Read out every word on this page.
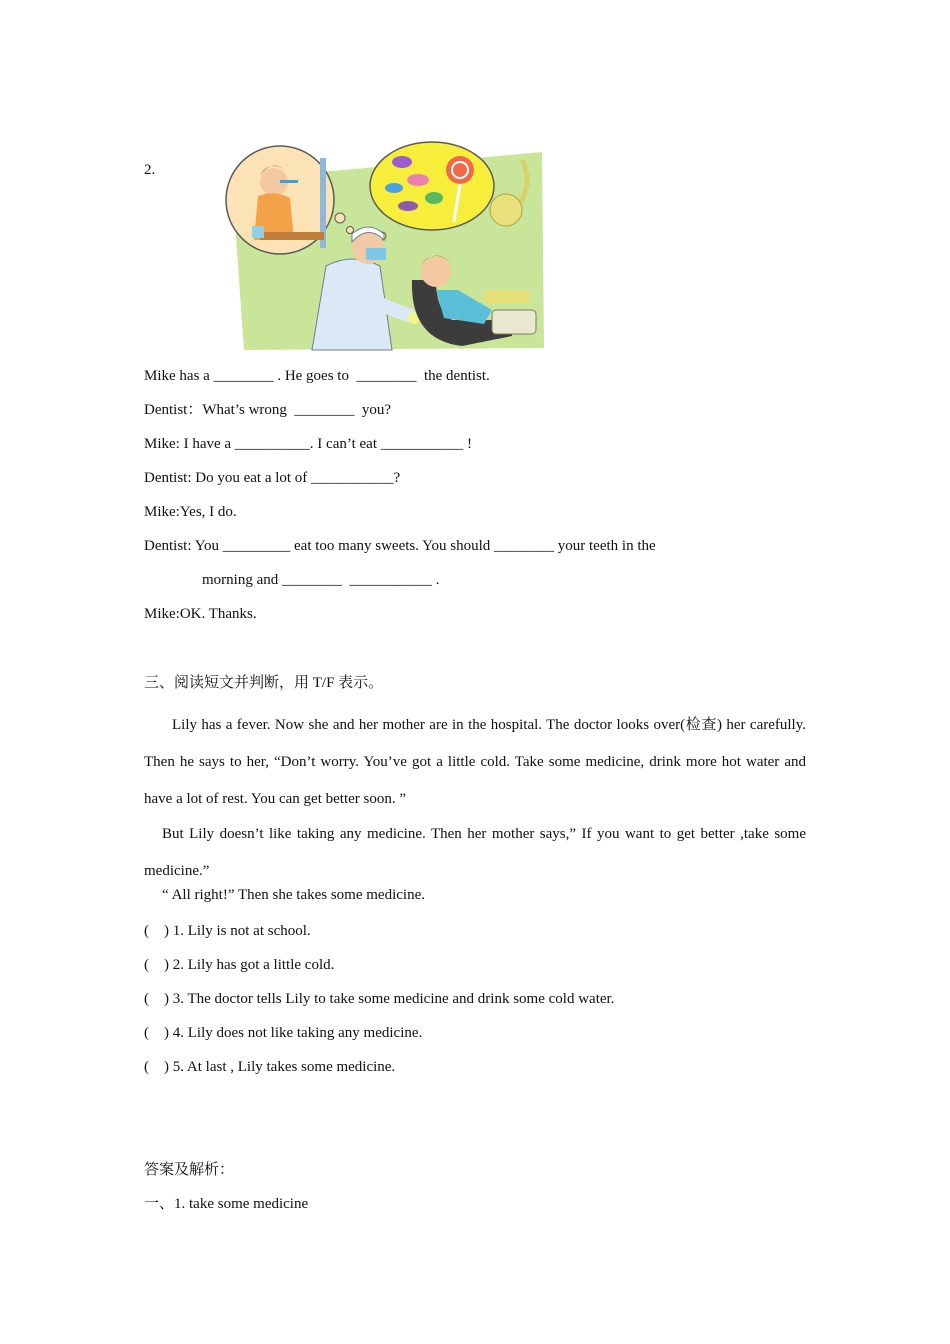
2.
Mike has a ________ . He goes to  ________  the dentist.
Dentist：What’s wrong  ________  you?
Mike: I have a __________. I can’t eat ___________ !
Dentist: Do you eat a lot of ___________?
Mike:Yes, I do.
Dentist: You _________ eat too many sweets. You should ________ your teeth in the
morning and ________  ___________ .
Mike:OK. Thanks.
三、阅读短文并判断，用 T/F 表示。
Lily has a fever. Now she and her mother are in the hospital. The doctor looks over(检查) her carefully. Then he says to her, “Don’t worry. You’ve got a little cold. Take some medicine, drink more hot water and have a lot of rest. You can get better soon. ”
But Lily doesn’t like taking any medicine. Then her mother says,” If you want to get better ,take some medicine.”
“ All right!” Then she takes some medicine.
(    ) 1. Lily is not at school.
(    ) 2. Lily has got a little cold.
(    ) 3. The doctor tells Lily to take some medicine and drink some cold water.
(    ) 4. Lily does not like taking any medicine.
(    ) 5. At last , Lily takes some medicine.
答案及解析：
一、1. take some medicine
